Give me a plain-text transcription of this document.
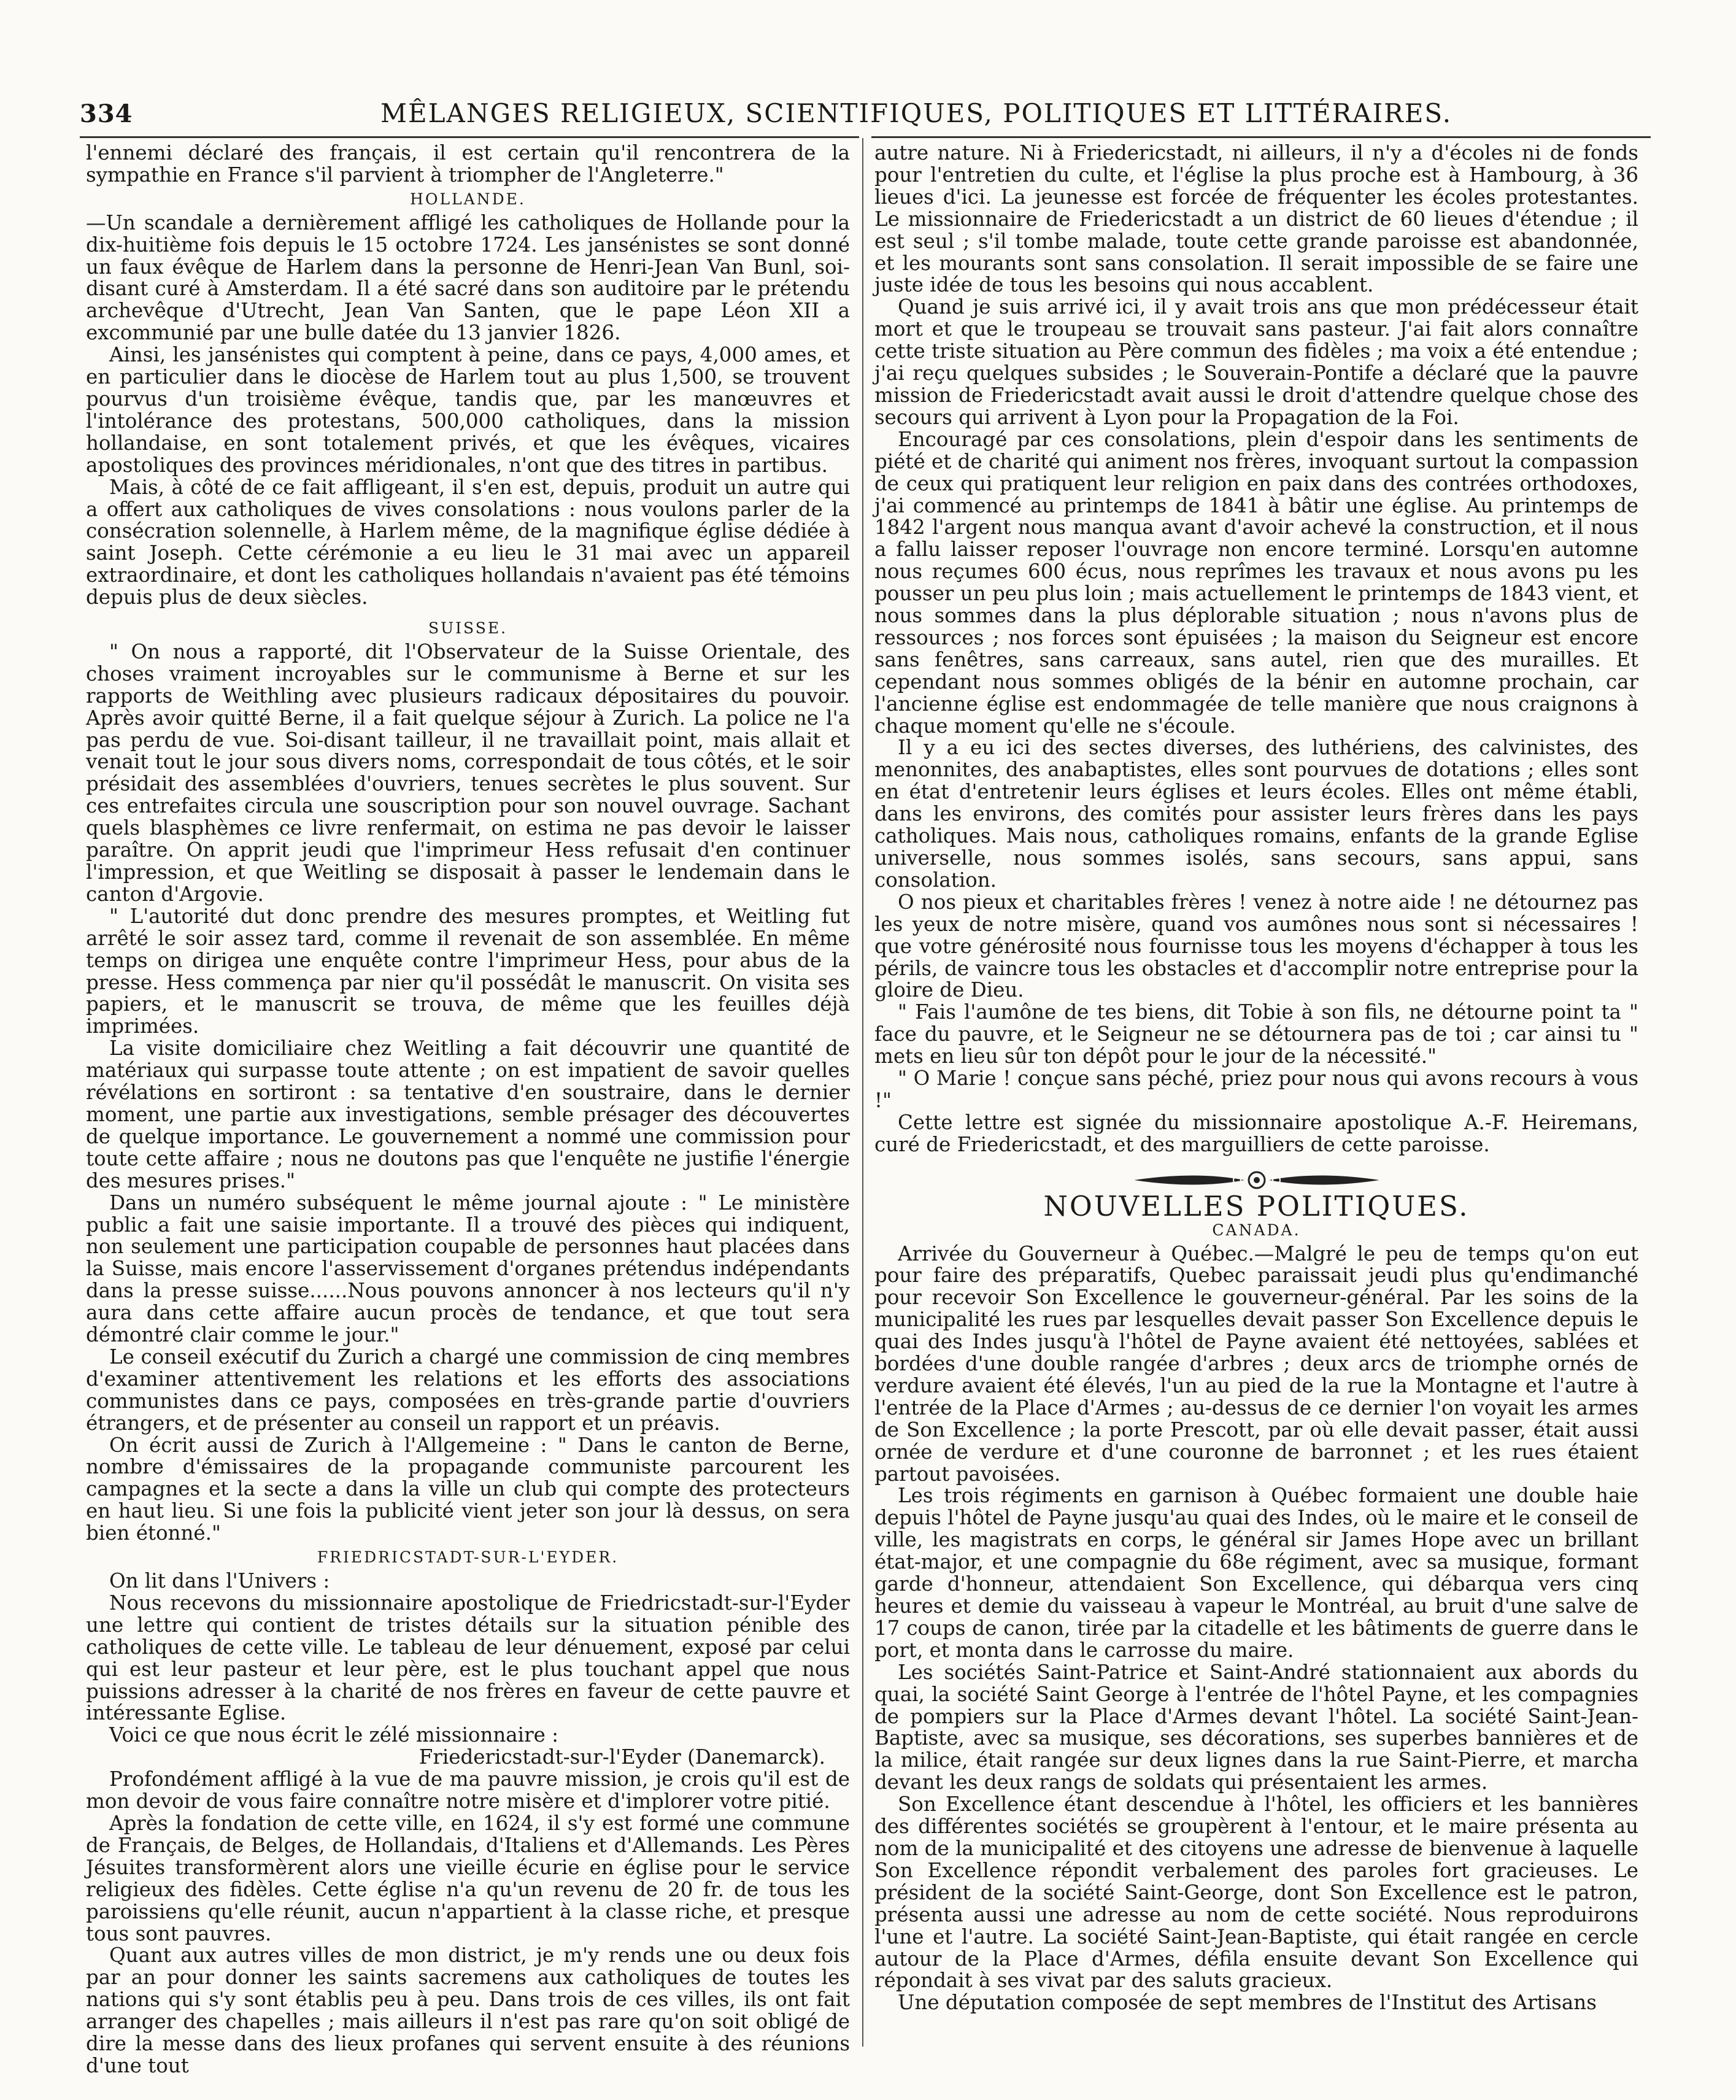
334	MÊLANGES RELIGIEUX, SCIENTIFIQUES, POLITIQUES ET LITTÉRAIRES.

l'ennemi déclaré des français, il est certain qu'il rencontrera de la sympathie en France s'il parvient à triompher de l'Angleterre."

HOLLANDE.

—Un scandale a dernièrement affligé les catholiques de Hollande pour la dix-huitième fois depuis le 15 octobre 1724. Les jansénistes se sont donné un faux évêque de Harlem dans la personne de Henri-Jean Van Bunl, soi-disant curé à Amsterdam. Il a été sacré dans son auditoire par le prétendu archevêque d'Utrecht, Jean Van Santen, que le pape Léon XII a excommunié par une bulle datée du 13 janvier 1826.

Ainsi, les jansénistes qui comptent à peine, dans ce pays, 4,000 ames, et en particulier dans le diocèse de Harlem tout au plus 1,500, se trouvent pourvus d'un troisième évêque, tandis que, par les manœuvres et l'intolérance des protestans, 500,000 catholiques, dans la mission hollandaise, en sont totalement privés, et que les évêques, vicaires apostoliques des provinces méridionales, n'ont que des titres in partibus.

Mais, à côté de ce fait affligeant, il s'en est, depuis, produit un autre qui a offert aux catholiques de vives consolations : nous voulons parler de la consécration solennelle, à Harlem même, de la magnifique église dédiée à saint Joseph. Cette cérémonie a eu lieu le 31 mai avec un appareil extraordinaire, et dont les catholiques hollandais n'avaient pas été témoins depuis plus de deux siècles.

SUISSE.

" On nous a rapporté, dit l'Observateur de la Suisse Orientale, des choses vraiment incroyables sur le communisme à Berne et sur les rapports de Weithling avec plusieurs radicaux dépositaires du pouvoir. Après avoir quitté Berne, il a fait quelque séjour à Zurich. La police ne l'a pas perdu de vue. Soi-disant tailleur, il ne travaillait point, mais allait et venait tout le jour sous divers noms, correspondait de tous côtés, et le soir présidait des assemblées d'ouvriers, tenues secrètes le plus souvent. Sur ces entrefaites circula une souscription pour son nouvel ouvrage. Sachant quels blasphèmes ce livre renfermait, on estima ne pas devoir le laisser paraître. On apprit jeudi que l'imprimeur Hess refusait d'en continuer l'impression, et que Weitling se disposait à passer le lendemain dans le canton d'Argovie.

" L'autorité dut donc prendre des mesures promptes, et Weitling fut arrêté le soir assez tard, comme il revenait de son assemblée. En même temps on dirigea une enquête contre l'imprimeur Hess, pour abus de la presse. Hess commença par nier qu'il possédât le manuscrit. On visita ses papiers, et le manuscrit se trouva, de même que les feuilles déjà imprimées.

La visite domiciliaire chez Weitling a fait découvrir une quantité de matériaux qui surpasse toute attente ; on est impatient de savoir quelles révélations en sortiront : sa tentative d'en soustraire, dans le dernier moment, une partie aux investigations, semble présager des découvertes de quelque importance. Le gouvernement a nommé une commission pour toute cette affaire ; nous ne doutons pas que l'enquête ne justifie l'énergie des mesures prises."

Dans un numéro subséquent le même journal ajoute : " Le ministère public a fait une saisie importante. Il a trouvé des pièces qui indiquent, non seulement une participation coupable de personnes haut placées dans la Suisse, mais encore l'asservissement d'organes prétendus indépendants dans la presse suisse......Nous pouvons annoncer à nos lecteurs qu'il n'y aura dans cette affaire aucun procès de tendance, et que tout sera démontré clair comme le jour."

Le conseil exécutif du Zurich a chargé une commission de cinq membres d'examiner attentivement les relations et les efforts des associations communistes dans ce pays, composées en très-grande partie d'ouvriers étrangers, et de présenter au conseil un rapport et un préavis.

On écrit aussi de Zurich à l'Allgemeine : " Dans le canton de Berne, nombre d'émissaires de la propagande communiste parcourent les campagnes et la secte a dans la ville un club qui compte des protecteurs en haut lieu. Si une fois la publicité vient jeter son jour là dessus, on sera bien étonné."

FRIEDRICSTADT-SUR-L'EYDER.

On lit dans l'Univers :

Nous recevons du missionnaire apostolique de Friedricstadt-sur-l'Eyder une lettre qui contient de tristes détails sur la situation pénible des catholiques de cette ville. Le tableau de leur dénuement, exposé par celui qui est leur pasteur et leur père, est le plus touchant appel que nous puissions adresser à la charité de nos frères en faveur de cette pauvre et intéressante Eglise.

Voici ce que nous écrit le zélé missionnaire :

Friedericstadt-sur-l'Eyder (Danemarck).

Profondément affligé à la vue de ma pauvre mission, je crois qu'il est de mon devoir de vous faire connaître notre misère et d'implorer votre pitié.

Après la fondation de cette ville, en 1624, il s'y est formé une commune de Français, de Belges, de Hollandais, d'Italiens et d'Allemands. Les Pères Jésuites transformèrent alors une vieille écurie en église pour le service religieux des fidèles. Cette église n'a qu'un revenu de 20 fr. de tous les paroissiens qu'elle réunit, aucun n'appartient à la classe riche, et presque tous sont pauvres.

Quant aux autres villes de mon district, je m'y rends une ou deux fois par an pour donner les saints sacremens aux catholiques de toutes les nations qui s'y sont établis peu à peu. Dans trois de ces villes, ils ont fait arranger des chapelles ; mais ailleurs il n'est pas rare qu'on soit obligé de dire la messe dans des lieux profanes qui servent ensuite à des réunions d'une tout

autre nature. Ni à Friedericstadt, ni ailleurs, il n'y a d'écoles ni de fonds pour l'entretien du culte, et l'église la plus proche est à Hambourg, à 36 lieues d'ici. La jeunesse est forcée de fréquenter les écoles protestantes. Le missionnaire de Friedericstadt a un district de 60 lieues d'étendue ; il est seul ; s'il tombe malade, toute cette grande paroisse est abandonnée, et les mourants sont sans consolation. Il serait impossible de se faire une juste idée de tous les besoins qui nous accablent.

Quand je suis arrivé ici, il y avait trois ans que mon prédécesseur était mort et que le troupeau se trouvait sans pasteur. J'ai fait alors connaître cette triste situation au Père commun des fidèles ; ma voix a été entendue ; j'ai reçu quelques subsides ; le Souverain-Pontife a déclaré que la pauvre mission de Friedericstadt avait aussi le droit d'attendre quelque chose des secours qui arrivent à Lyon pour la Propagation de la Foi.

Encouragé par ces consolations, plein d'espoir dans les sentiments de piété et de charité qui animent nos frères, invoquant surtout la compassion de ceux qui pratiquent leur religion en paix dans des contrées orthodoxes, j'ai commencé au printemps de 1841 à bâtir une église. Au printemps de 1842 l'argent nous manqua avant d'avoir achevé la construction, et il nous a fallu laisser reposer l'ouvrage non encore terminé. Lorsqu'en automne nous reçumes 600 écus, nous reprîmes les travaux et nous avons pu les pousser un peu plus loin ; mais actuellement le printemps de 1843 vient, et nous sommes dans la plus déplorable situation ; nous n'avons plus de ressources ; nos forces sont épuisées ; la maison du Seigneur est encore sans fenêtres, sans carreaux, sans autel, rien que des murailles. Et cependant nous sommes obligés de la bénir en automne prochain, car l'ancienne église est endommagée de telle manière que nous craignons à chaque moment qu'elle ne s'écoule.

Il y a eu ici des sectes diverses, des luthériens, des calvinistes, des menonnites, des anabaptistes, elles sont pourvues de dotations ; elles sont en état d'entretenir leurs églises et leurs écoles. Elles ont même établi, dans les environs, des comités pour assister leurs frères dans les pays catholiques. Mais nous, catholiques romains, enfants de la grande Eglise universelle, nous sommes isolés, sans secours, sans appui, sans consolation.

O nos pieux et charitables frères ! venez à notre aide ! ne détournez pas les yeux de notre misère, quand vos aumônes nous sont si nécessaires ! que votre générosité nous fournisse tous les moyens d'échapper à tous les périls, de vaincre tous les obstacles et d'accomplir notre entreprise pour la gloire de Dieu.

" Fais l'aumône de tes biens, dit Tobie à son fils, ne détourne point ta " face du pauvre, et le Seigneur ne se détournera pas de toi ; car ainsi tu " mets en lieu sûr ton dépôt pour le jour de la nécessité."

" O Marie ! conçue sans péché, priez pour nous qui avons recours à vous !"

Cette lettre est signée du missionnaire apostolique A.-F. Heiremans, curé de Friedericstadt, et des marguilliers de cette paroisse.

NOUVELLES POLITIQUES.
CANADA.

Arrivée du Gouverneur à Québec.—Malgré le peu de temps qu'on eut pour faire des préparatifs, Quebec paraissait jeudi plus qu'endimanché pour recevoir Son Excellence le gouverneur-général. Par les soins de la municipalité les rues par lesquelles devait passer Son Excellence depuis le quai des Indes jusqu'à l'hôtel de Payne avaient été nettoyées, sablées et bordées d'une double rangée d'arbres ; deux arcs de triomphe ornés de verdure avaient été élevés, l'un au pied de la rue la Montagne et l'autre à l'entrée de la Place d'Armes ; au-dessus de ce dernier l'on voyait les armes de Son Excellence ; la porte Prescott, par où elle devait passer, était aussi ornée de verdure et d'une couronne de barronnet ; et les rues étaient partout pavoisées.

Les trois régiments en garnison à Québec formaient une double haie depuis l'hôtel de Payne jusqu'au quai des Indes, où le maire et le conseil de ville, les magistrats en corps, le général sir James Hope avec un brillant état-major, et une compagnie du 68e régiment, avec sa musique, formant garde d'honneur, attendaient Son Excellence, qui débarqua vers cinq heures et demie du vaisseau à vapeur le Montréal, au bruit d'une salve de 17 coups de canon, tirée par la citadelle et les bâtiments de guerre dans le port, et monta dans le carrosse du maire.

Les sociétés Saint-Patrice et Saint-André stationnaient aux abords du quai, la société Saint George à l'entrée de l'hôtel Payne, et les compagnies de pompiers sur la Place d'Armes devant l'hôtel. La société Saint-Jean-Baptiste, avec sa musique, ses décorations, ses superbes bannières et de la milice, était rangée sur deux lignes dans la rue Saint-Pierre, et marcha devant les deux rangs de soldats qui présentaient les armes.

Son Excellence étant descendue à l'hôtel, les officiers et les bannières des différentes sociétés se groupèrent à l'entour, et le maire présenta au nom de la municipalité et des citoyens une adresse de bienvenue à laquelle Son Excellence répondit verbalement des paroles fort gracieuses. Le président de la société Saint-George, dont Son Excellence est le patron, présenta aussi une adresse au nom de cette société. Nous reproduirons l'une et l'autre. La société Saint-Jean-Baptiste, qui était rangée en cercle autour de la Place d'Armes, défila ensuite devant Son Excellence qui répondait à ses vivat par des saluts gracieux.

Une députation composée de sept membres de l'Institut des Artisans
